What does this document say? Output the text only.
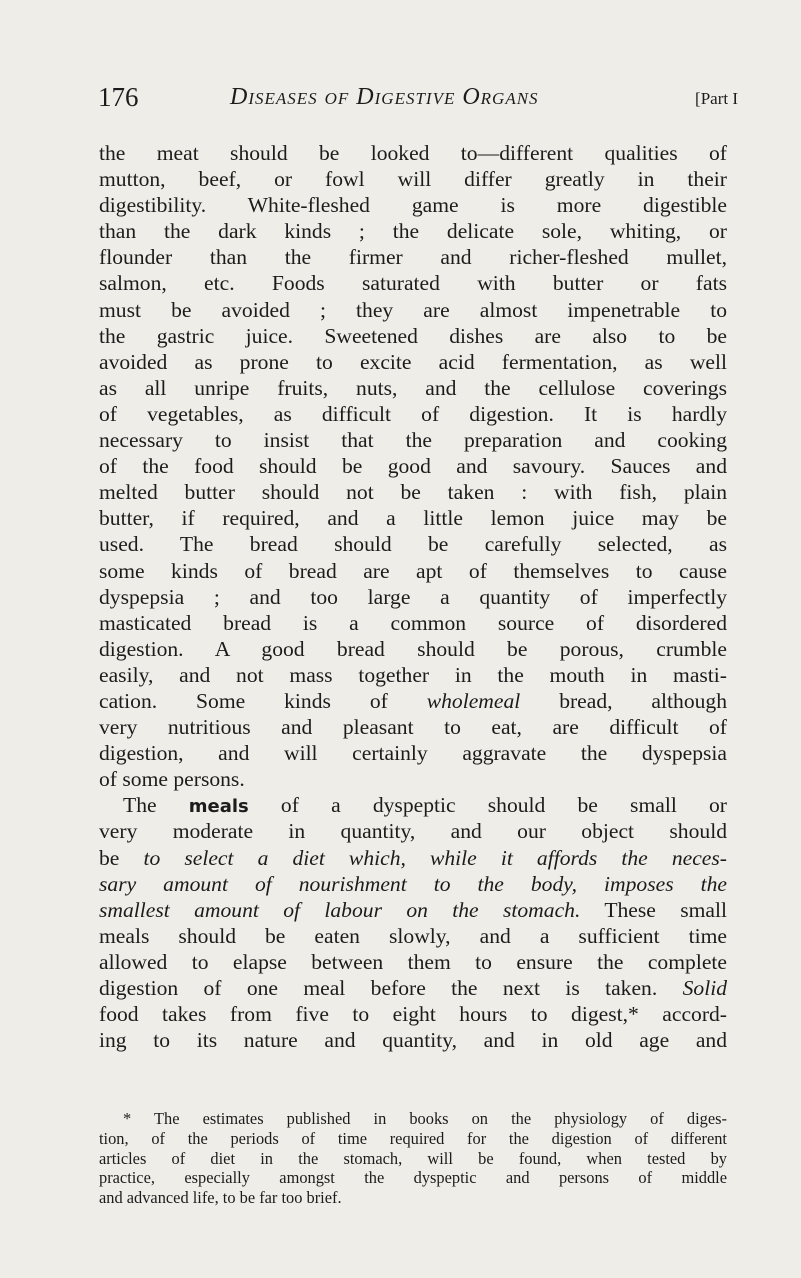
176	Diseases of Digestive Organs	[Part I
the meat should be looked to—different qualities of
mutton, beef, or fowl will differ greatly in their
digestibility. White-fleshed game is more digestible
than the dark kinds ; the delicate sole, whiting, or
flounder than the firmer and richer-fleshed mullet,
salmon, etc. Foods saturated with butter or fats
must be avoided ; they are almost impenetrable to
the gastric juice. Sweetened dishes are also to be
avoided as prone to excite acid fermentation, as well
as all unripe fruits, nuts, and the cellulose coverings
of vegetables, as difficult of digestion. It is hardly
necessary to insist that the preparation and cooking
of the food should be good and savoury. Sauces and
melted butter should not be taken : with fish, plain
butter, if required, and a little lemon juice may be
used. The bread should be carefully selected, as
some kinds of bread are apt of themselves to cause
dyspepsia ; and too large a quantity of imperfectly
masticated bread is a common source of disordered
digestion. A good bread should be porous, crumble
easily, and not mass together in the mouth in masti-
cation. Some kinds of wholemeal bread, although
very nutritious and pleasant to eat, are difficult of
digestion, and will certainly aggravate the dyspepsia
of some persons.
The meals of a dyspeptic should be small or
very moderate in quantity, and our object should
be to select a diet which, while it affords the neces-
sary amount of nourishment to the body, imposes the
smallest amount of labour on the stomach. These small
meals should be eaten slowly, and a sufficient time
allowed to elapse between them to ensure the complete
digestion of one meal before the next is taken. Solid
food takes from five to eight hours to digest,* accord-
ing to its nature and quantity, and in old age and
* The estimates published in books on the physiology of diges-
tion, of the periods of time required for the digestion of different
articles of diet in the stomach, will be found, when tested by
practice, especially amongst the dyspeptic and persons of middle
and advanced life, to be far too brief.
